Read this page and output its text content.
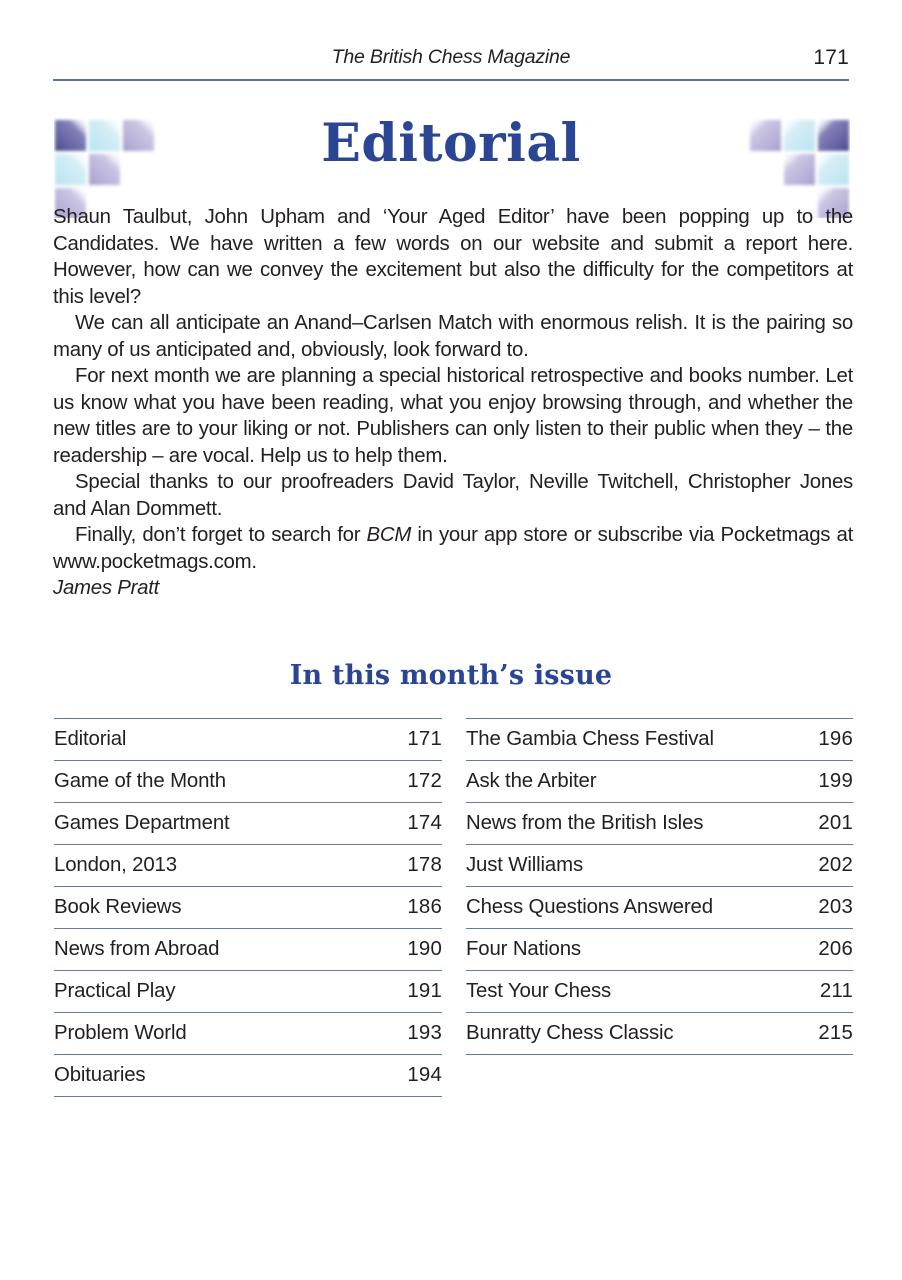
The British Chess Magazine	171
Editorial

Shaun Taulbut, John Upham and ‘Your Aged Editor’ have been popping up to the Candidates. We have written a few words on our website and submit a report here. However, how can we convey the excitement but also the difficulty for the competitors at this level?

We can all anticipate an Anand–Carlsen Match with enormous relish. It is the pairing so many of us anticipated and, obviously, look forward to.

For next month we are planning a special historical retrospective and books number. Let us know what you have been reading, what you enjoy browsing through, and whether the new titles are to your liking or not. Publishers can only listen to their public when they – the readership – are vocal. Help us to help them.

Special thanks to our proofreaders David Taylor, Neville Twitchell, Christopher Jones and Alan Dommett.

Finally, don’t forget to search for BCM in your app store or subscribe via Pocketmags at www.pocketmags.com.

James Pratt

In this month’s issue
Editorial	171
Game of the Month	172
Games Department	174
London, 2013	178
Book Reviews	186
News from Abroad	190
Practical Play	191
Problem World	193
Obituaries	194
The Gambia Chess Festival	196
Ask the Arbiter	199
News from the British Isles	201
Just Williams	202
Chess Questions Answered	203
Four Nations	206
Test Your Chess	211
Bunratty Chess Classic	215
